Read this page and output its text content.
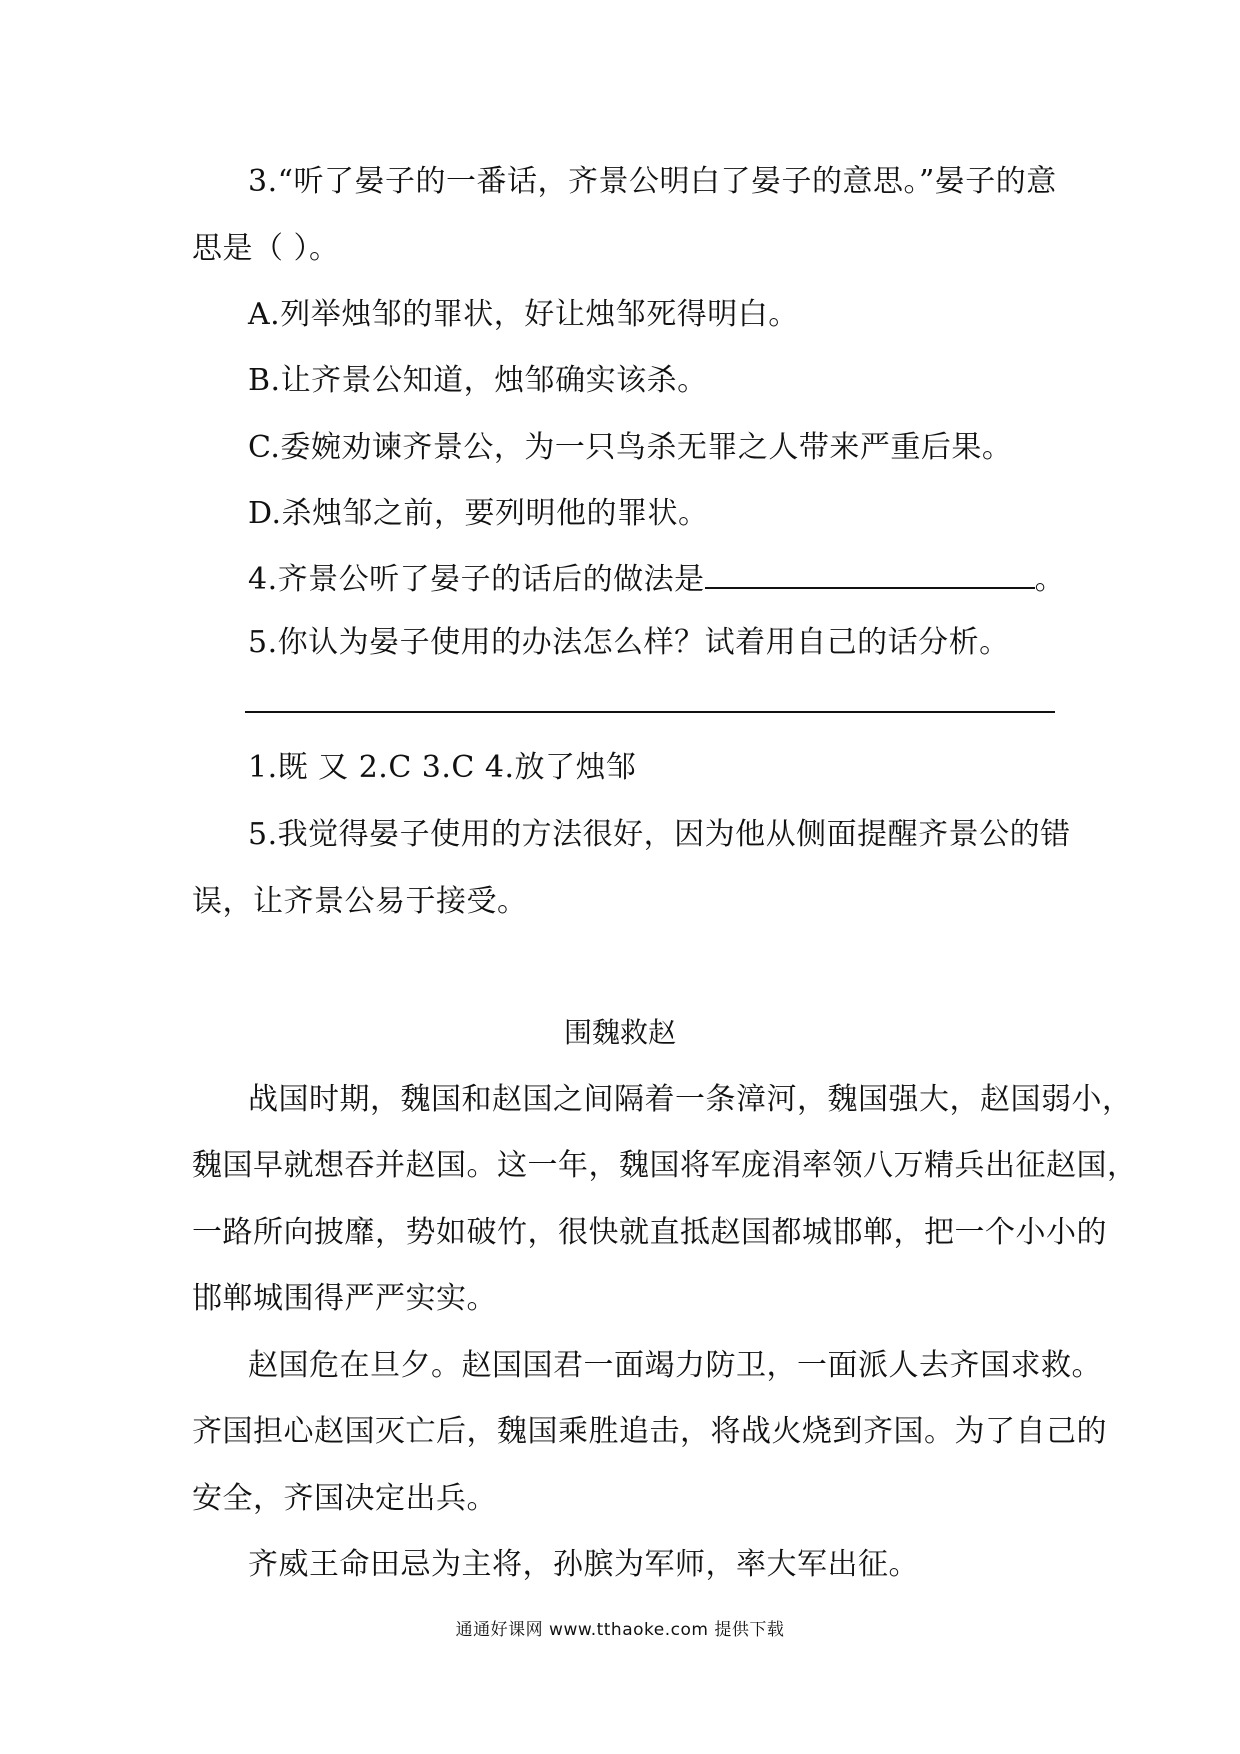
3.“听了晏子的一番话，齐景公明白了晏子的意思。”晏子的意
思是（ ）。
A.列举烛邹的罪状，好让烛邹死得明白。
B.让齐景公知道，烛邹确实该杀。
C.委婉劝谏齐景公，为一只鸟杀无罪之人带来严重后果。
D.杀烛邹之前，要列明他的罪状。
4.齐景公听了晏子的话后的做法是	。
5.你认为晏子使用的办法怎么样？试着用自己的话分析。
1.既 又 2.C 3.C 4.放了烛邹
5.我觉得晏子使用的方法很好，因为他从侧面提醒齐景公的错
误，让齐景公易于接受。
围魏救赵
战国时期，魏国和赵国之间隔着一条漳河，魏国强大，赵国弱小，
魏国早就想吞并赵国。这一年，魏国将军庞涓率领八万精兵出征赵国，
一路所向披靡，势如破竹，很快就直抵赵国都城邯郸，把一个小小的
邯郸城围得严严实实。
赵国危在旦夕。赵国国君一面竭力防卫，一面派人去齐国求救。
齐国担心赵国灭亡后，魏国乘胜追击，将战火烧到齐国。为了自己的
安全，齐国决定出兵。
齐威王命田忌为主将，孙膑为军师，率大军出征。
通通好课网 www.tthaoke.com 提供下载
